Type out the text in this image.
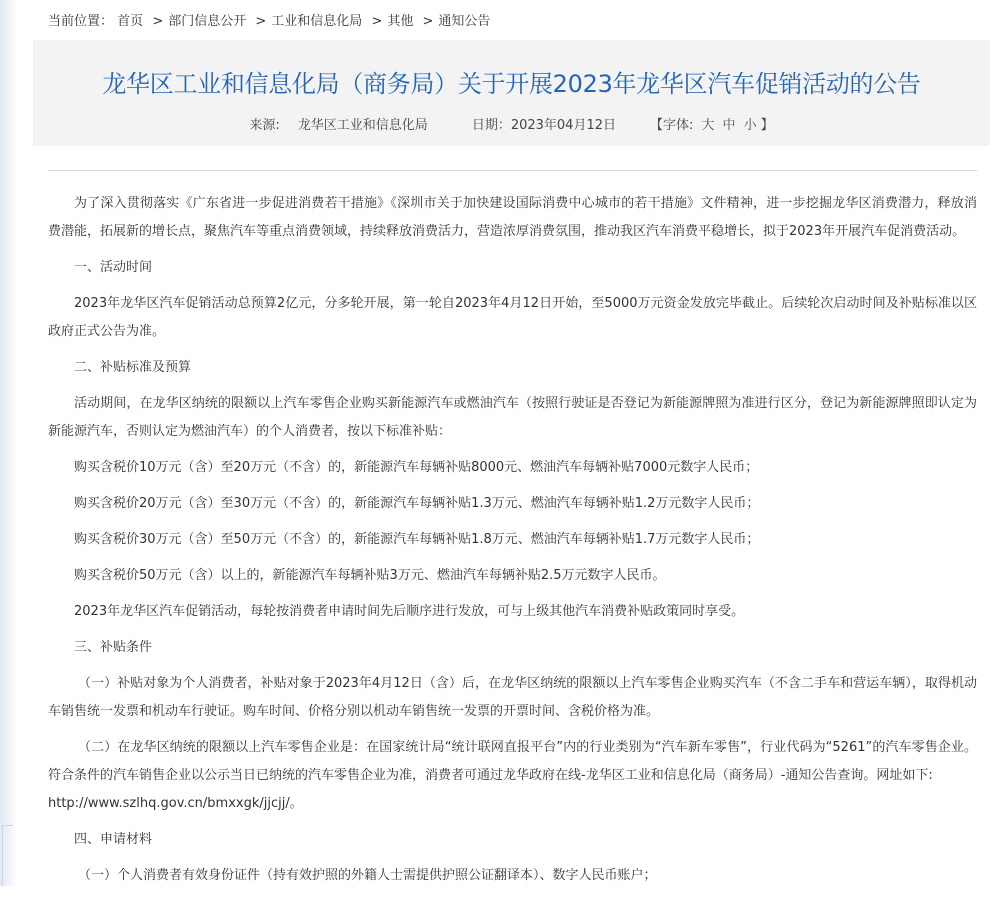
当前位置： 首页 > 部门信息公开 > 工业和信息化局 > 其他 > 通知公告
龙华区工业和信息化局（商务局）关于开展2023年龙华区汽车促销活动的公告
来源: 龙华区工业和信息化局	日期：2023年04月12日	【字体: 大 中 小 】

为了深入贯彻落实《广东省进一步促进消费若干措施》《深圳市关于加快建设国际消费中心城市的若干措施》文件精神，进一步挖掘龙华区消费潜力，释放消费潜能，拓展新的增长点，聚焦汽车等重点消费领域，持续释放消费活力，营造浓厚消费氛围，推动我区汽车消费平稳增长，拟于2023年开展汽车促消费活动。

一、活动时间

2023年龙华区汽车促销活动总预算2亿元，分多轮开展，第一轮自2023年4月12日开始，至5000万元资金发放完毕截止。后续轮次启动时间及补贴标准以区政府正式公告为准。

二、补贴标准及预算

活动期间，在龙华区纳统的限额以上汽车零售企业购买新能源汽车或燃油汽车（按照行驶证是否登记为新能源牌照为准进行区分，登记为新能源牌照即认定为新能源汽车，否则认定为燃油汽车）的个人消费者，按以下标准补贴：

购买含税价10万元（含）至20万元（不含）的，新能源汽车每辆补贴8000元、燃油汽车每辆补贴7000元数字人民币；

购买含税价20万元（含）至30万元（不含）的，新能源汽车每辆补贴1.3万元、燃油汽车每辆补贴1.2万元数字人民币；

购买含税价30万元（含）至50万元（不含）的，新能源汽车每辆补贴1.8万元、燃油汽车每辆补贴1.7万元数字人民币；

购买含税价50万元（含）以上的，新能源汽车每辆补贴3万元、燃油汽车每辆补贴2.5万元数字人民币。

2023年龙华区汽车促销活动，每轮按消费者申请时间先后顺序进行发放，可与上级其他汽车消费补贴政策同时享受。

三、补贴条件

（一）补贴对象为个人消费者，补贴对象于2023年4月12日（含）后，在龙华区纳统的限额以上汽车零售企业购买汽车（不含二手车和营运车辆），取得机动车销售统一发票和机动车行驶证。购车时间、价格分别以机动车销售统一发票的开票时间、含税价格为准。

（二）在龙华区纳统的限额以上汽车零售企业是：在国家统计局“统计联网直报平台”内的行业类别为“汽车新车零售”，行业代码为“5261”的汽车零售企业。符合条件的汽车销售企业以公示当日已纳统的汽车零售企业为准，消费者可通过龙华政府在线-龙华区工业和信息化局（商务局）-通知公告查询。网址如下:

http://www.szlhq.gov.cn/bmxxgk/jjcjj/。

四、申请材料

（一）个人消费者有效身份证件（持有效护照的外籍人士需提供护照公证翻译本）、数字人民币账户；
